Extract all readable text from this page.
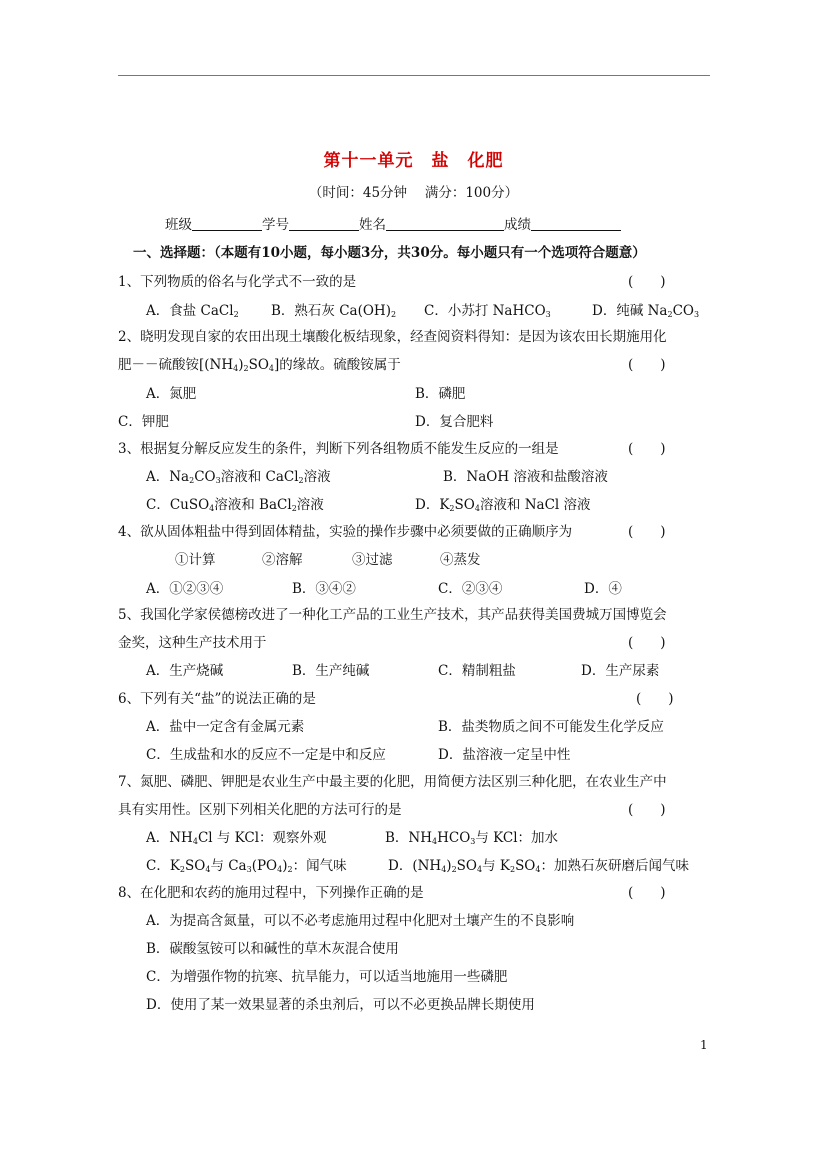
第十一单元　盐　化肥
（时间：45分钟　 满分：100分）
班级	学号	姓名	成绩
一、选择题：（本题有10小题，每小题3分，共30分。每小题只有一个选项符合题意）
1、下列物质的俗名与化学式不一致的是	(　　)
A．食盐 CaCl$_2$ B．熟石灰 $Ca(OH)_2$ C．小苏打 NaHCO$_3$	D．纯碱 $Na_2CO_3$
2、晓明发现自家的农田出现土壤酸化板结现象，经查阅资料得知：是因为该农田长期施用化
肥－－硫酸铵$[(NH_4)_2SO_4]$的缘故。硫酸铵属于	(　　)
A．氮肥	B．磷肥
C．钾肥	D．复合肥料
3、根据复分解反应发生的条件，判断下列各组物质不能发生反应的一组是	(　　)
A．$Na_2CO_3$溶液和 CaCl$_2$溶液	B．NaOH 溶液和盐酸溶液
C．CuSO$_4$溶液和 BaCl$_2$溶液	D．$K_2SO_4$溶液和 NaCl 溶液
4、欲从固体粗盐中得到固体精盐，实验的操作步骤中必须要做的正确顺序为	(　　)
①计算	②溶解	③过滤	④蒸发
A．①②③④	B．③④②	C．②③④	D．④
5、我国化学家侯德榜改进了一种化工产品的工业生产技术，其产品获得美国费城万国博览会
金奖，这种生产技术用于	(　　)
A．生产烧碱	B．生产纯碱	C．精制粗盐	D．生产尿素
6、下列有关“盐”的说法正确的是	(　　)
A．盐中一定含有金属元素	B．盐类物质之间不可能发生化学反应
C．生成盐和水的反应不一定是中和反应	D．盐溶液一定呈中性
7、氮肥、磷肥、钾肥是农业生产中最主要的化肥，用简便方法区别三种化肥，在农业生产中
具有实用性。区别下列相关化肥的方法可行的是	(　　)
A．$NH_4Cl$ 与 KCl：观察外观	B．$NH_4HCO_3$与 KCl：加水
C．$K_2SO_4$与 $Ca_3(PO_4)_2$：闻气味	D．$(NH_4)_2SO_4$与 $K_2SO_4$：加熟石灰研磨后闻气味
8、在化肥和农药的施用过程中，下列操作正确的是	(　　)
A．为提高含氮量，可以不必考虑施用过程中化肥对土壤产生的不良影响
B．碳酸氢铵可以和碱性的草木灰混合使用
C．为增强作物的抗寒、抗旱能力，可以适当地施用一些磷肥
D．使用了某一效果显著的杀虫剂后，可以不必更换品牌长期使用
1
